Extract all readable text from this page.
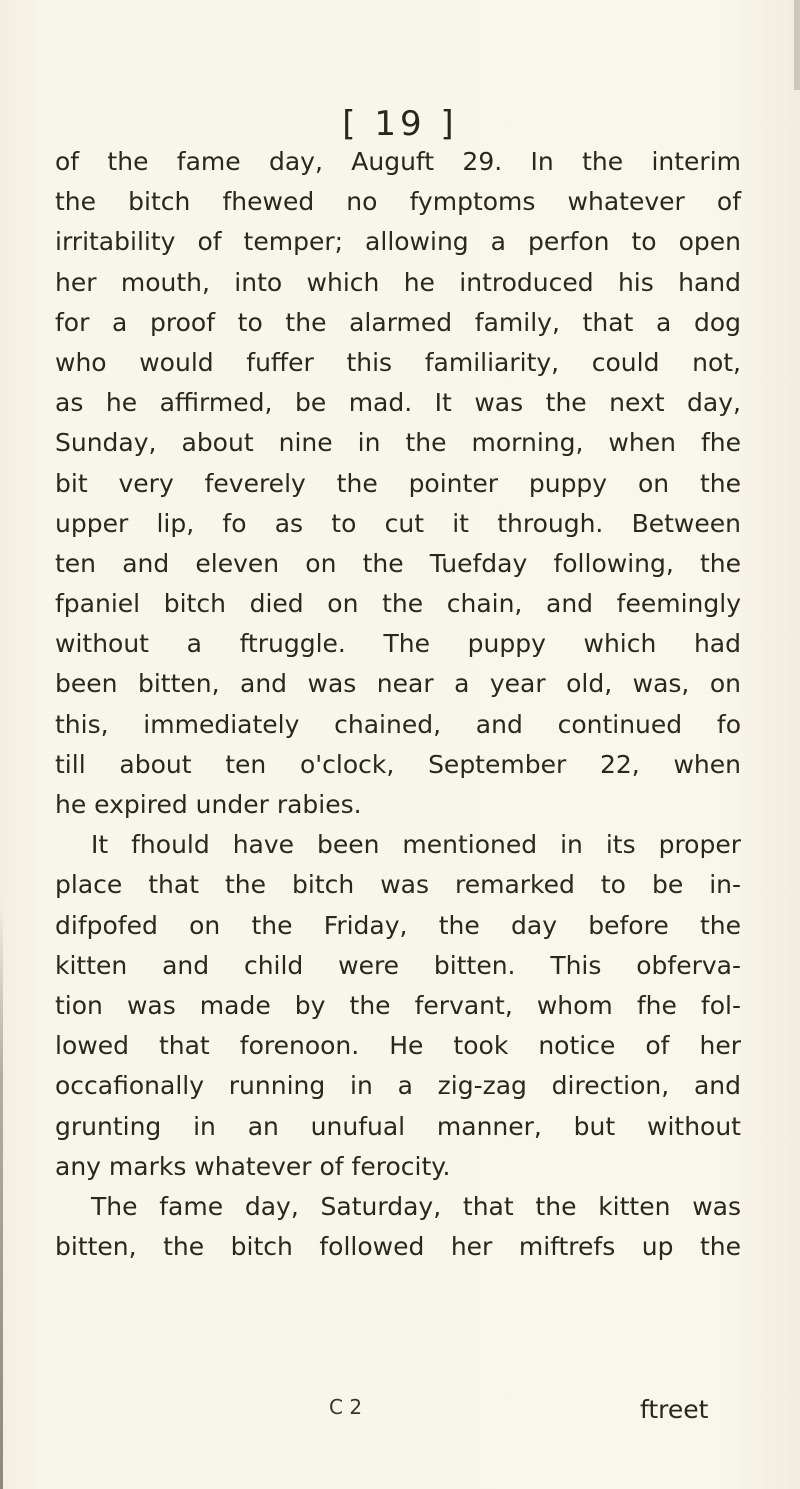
[ 19 ]
of the fame day, Auguft 29. In the interim
the bitch fhewed no fymptoms whatever of
irritability of temper; allowing a perfon to open
her mouth, into which he introduced his hand
for a proof to the alarmed family, that a dog
who would fuffer this familiarity, could not,
as he affirmed, be mad. It was the next day,
Sunday, about nine in the morning, when fhe
bit very feverely the pointer puppy on the
upper lip, fo as to cut it through. Between
ten and eleven on the Tuefday following, the
fpaniel bitch died on the chain, and feemingly
without a ftruggle. The puppy which had
been bitten, and was near a year old, was, on
this, immediately chained, and continued fo
till about ten o'clock, September 22, when
he expired under rabies.
It fhould have been mentioned in its proper
place that the bitch was remarked to be in-
difpofed on the Friday, the day before the
kitten and child were bitten. This obferva-
tion was made by the fervant, whom fhe fol-
lowed that forenoon. He took notice of her
occafionally running in a zig-zag direction, and
grunting in an unufual manner, but without
any marks whatever of ferocity.
The fame day, Saturday, that the kitten was
bitten, the bitch followed her miftrefs up the
C 2	ftreet
